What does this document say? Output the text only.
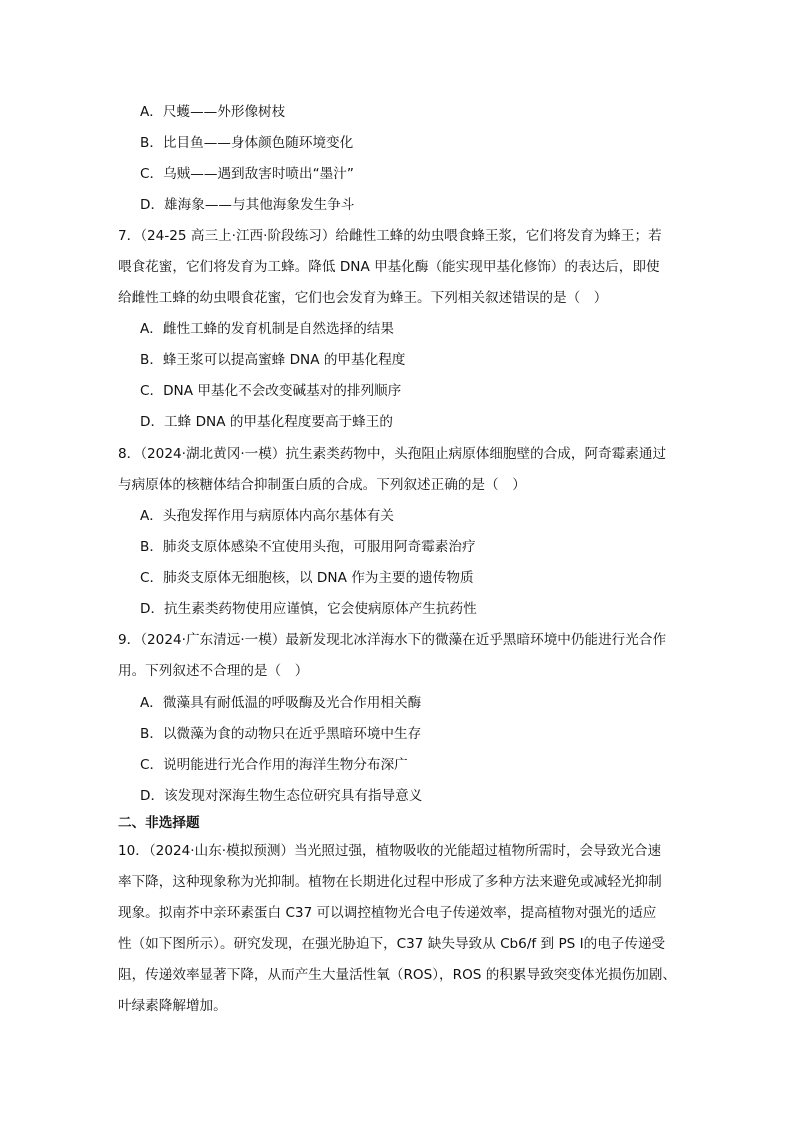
A．尺蠖——外形像树枝
B．比目鱼——身体颜色随环境变化
C．乌贼——遇到敌害时喷出“墨汁”
D．雄海象——与其他海象发生争斗
7．（24-25 高三上·江西·阶段练习）给雌性工蜂的幼虫喂食蜂王浆，它们将发育为蜂王；若
喂食花蜜，它们将发育为工蜂。降低 DNA 甲基化酶（能实现甲基化修饰）的表达后，即使
给雌性工蜂的幼虫喂食花蜜，它们也会发育为蜂王。下列相关叙述错误的是（　）
A．雌性工蜂的发育机制是自然选择的结果
B．蜂王浆可以提高蜜蜂 DNA 的甲基化程度
C．DNA 甲基化不会改变碱基对的排列顺序
D．工蜂 DNA 的甲基化程度要高于蜂王的
8．（2024·湖北黄冈·一模）抗生素类药物中，头孢阻止病原体细胞壁的合成，阿奇霉素通过
与病原体的核糖体结合抑制蛋白质的合成。下列叙述正确的是（　）
A．头孢发挥作用与病原体内高尔基体有关
B．肺炎支原体感染不宜使用头孢，可服用阿奇霉素治疗
C．肺炎支原体无细胞核，以 DNA 作为主要的遗传物质
D．抗生素类药物使用应谨慎，它会使病原体产生抗药性
9．（2024·广东清远·一模）最新发现北冰洋海水下的微藻在近乎黑暗环境中仍能进行光合作
用。下列叙述不合理的是（　）
A．微藻具有耐低温的呼吸酶及光合作用相关酶
B．以微藻为食的动物只在近乎黑暗环境中生存
C．说明能进行光合作用的海洋生物分布深广
D．该发现对深海生物生态位研究具有指导意义
二、非选择题
10．（2024·山东·模拟预测）当光照过强，植物吸收的光能超过植物所需时，会导致光合速
率下降，这种现象称为光抑制。植物在长期进化过程中形成了多种方法来避免或减轻光抑制
现象。拟南芥中亲环素蛋白 C37 可以调控植物光合电子传递效率，提高植物对强光的适应
性（如下图所示）。研究发现，在强光胁迫下，C37 缺失导致从 Cb6/f 到 PS Ⅰ的电子传递受
阻，传递效率显著下降，从而产生大量活性氧（ROS），ROS 的积累导致突变体光损伤加剧、
叶绿素降解增加。
